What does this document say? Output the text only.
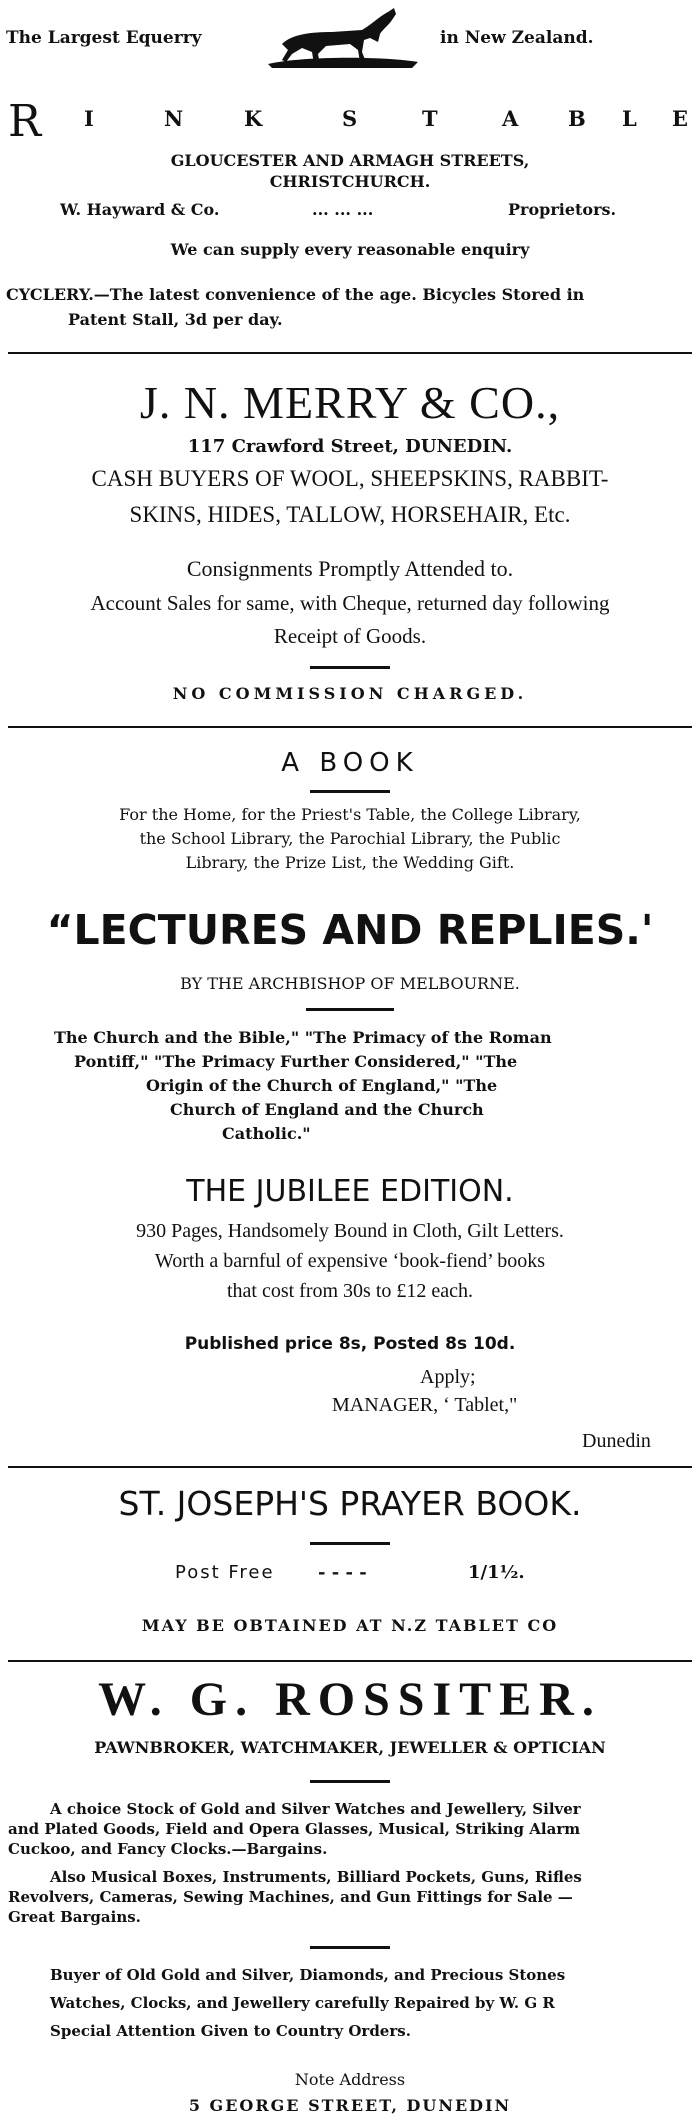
The Largest Equerry	in New Zealand.
R I	N	K	S	T	A B L E
GLOUCESTER AND ARMAGH STREETS,
CHRISTCHURCH.
W. Hayward & Co.	... ... ...	Proprietors.
We can supply every reasonable enquiry
CYCLERY.—The latest convenience of the age. Bicycles Stored in
Patent Stall, 3d per day.
J. N. MERRY & CO.,
117 Crawford Street, DUNEDIN.
CASH BUYERS OF WOOL, SHEEPSKINS, RABBIT-
SKINS, HIDES, TALLOW, HORSEHAIR, Etc.
Consignments Promptly Attended to.
Account Sales for same, with Cheque, returned day following
Receipt of Goods.
NO COMMISSION CHARGED.
A BOOK
For the Home, for the Priest's Table, the College Library,
the School Library, the Parochial Library, the Public
Library, the Prize List, the Wedding Gift.
“LECTURES AND REPLIES.'
BY THE ARCHBISHOP OF MELBOURNE.
The Church and the Bible," "The Primacy of the Roman
Pontiff," "The Primacy Further Considered," "The
Origin of the Church of England," "The
Church of England and the Church
Catholic."
THE JUBILEE EDITION.
930 Pages, Handsomely Bound in Cloth, Gilt Letters.
Worth a barnful of expensive ‘book-fiend’ books
that cost from 30s to £12 each.
Published price 8s, Posted 8s 10d.
Apply;
MANAGER, ‘ Tablet,"
Dunedin
ST. JOSEPH'S PRAYER BOOK.
Post Free - - - -	1/1½.
MAY BE OBTAINED AT N.Z TABLET CO
W. G. ROSSITER.
PAWNBROKER, WATCHMAKER, JEWELLER & OPTICIAN
A choice Stock of Gold and Silver Watches and Jewellery, Silver
and Plated Goods, Field and Opera Glasses, Musical, Striking Alarm
Cuckoo, and Fancy Clocks.—Bargains.
Also Musical Boxes, Instruments, Billiard Pockets, Guns, Rifles
Revolvers, Cameras, Sewing Machines, and Gun Fittings for Sale —
Great Bargains.
Buyer of Old Gold and Silver, Diamonds, and Precious Stones
Watches, Clocks, and Jewellery carefully Repaired by W. G R
Special Attention Given to Country Orders.
Note Address
5 GEORGE STREET, DUNEDIN
